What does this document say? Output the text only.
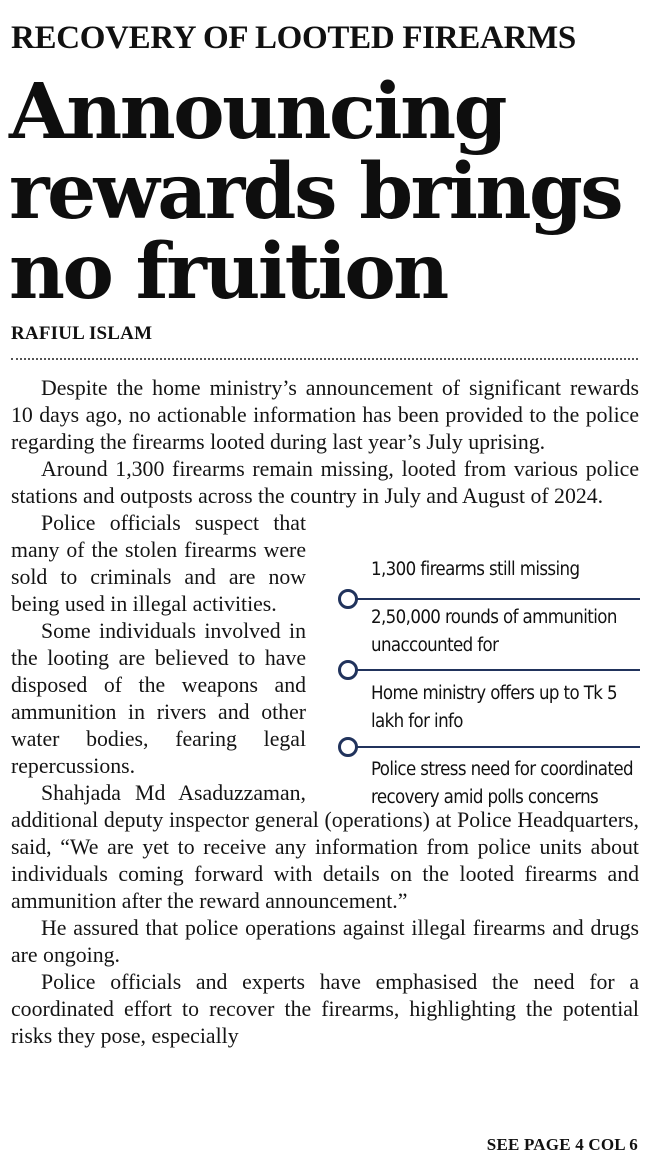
RECOVERY OF LOOTED FIREARMS
Announcing
rewards brings
no fruition
RAFIUL ISLAM

Despite the home ministry’s announcement of significant rewards 10 days ago, no actionable information has been provided to the police regarding the firearms looted during last year’s July uprising.

Around 1,300 firearms remain missing, looted from various police stations and outposts across the country in July and August of 2024.

Police officials suspect that many of the stolen firearms were sold to criminals and are now being used in illegal activities.

Some individuals involved in the looting are believed to have disposed of the weapons and ammunition in rivers and other water bodies, fearing legal repercussions.

Shahjada Md Asaduzzaman, additional deputy inspector general (operations) at Police Headquarters, said, “We are yet to receive any information from police units about individuals coming forward with details on the looted firearms and ammunition after the reward announcement.”

He assured that police operations against illegal firearms and drugs are ongoing.

Police officials and experts have emphasised the need for a coordinated effort to recover the firearms, highlighting the potential risks they pose, especially

1,300 firearms still missing
2,50,000 rounds of ammunition unaccounted for
Home ministry offers up to Tk 5 lakh for info
Police stress need for coordinated recovery amid polls concerns
SEE PAGE 4 COL 6
